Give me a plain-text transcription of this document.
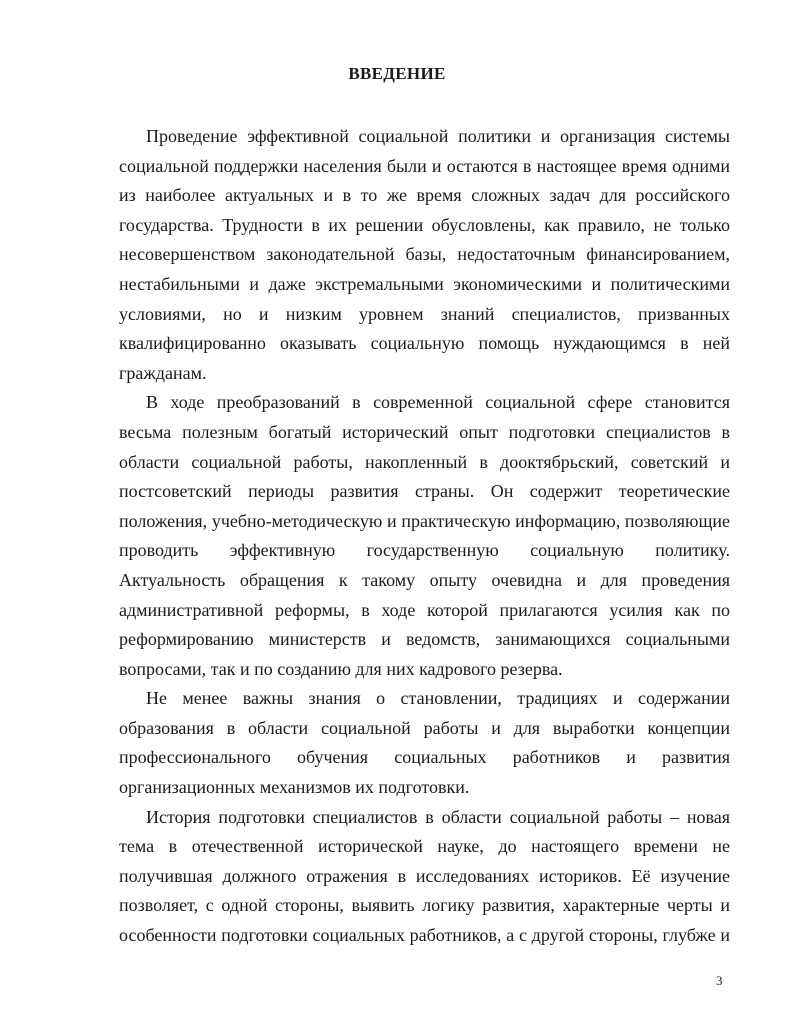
ВВЕДЕНИЕ

Проведение эффективной социальной политики и организация системы социальной поддержки населения были и остаются в настоящее время одними из наиболее актуальных и в то же время сложных задач для российского государства. Трудности в их решении обусловлены, как правило, не только несовершенством законодательной базы, недостаточным финансированием, нестабильными и даже экстремальными экономическими и политическими условиями, но и низким уровнем знаний специалистов, призванных квалифицированно оказывать социальную помощь нуждающимся в ней гражданам.

В ходе преобразований в современной социальной сфере становится весьма полезным богатый исторический опыт подготовки специалистов в области социальной работы, накопленный в дооктябрьский, советский и постсоветский периоды развития страны. Он содержит теоретические положения, учебно-методическую и практическую информацию, позволяющие проводить эффективную государственную социальную политику. Актуальность обращения к такому опыту очевидна и для проведения административной реформы, в ходе которой прилагаются усилия как по реформированию министерств и ведомств, занимающихся социальными вопросами, так и по созданию для них кадрового резерва.

Не менее важны знания о становлении, традициях и содержании образования в области социальной работы и для выработки концепции профессионального обучения социальных работников и развития организационных механизмов их подготовки.

История подготовки специалистов в области социальной работы – новая тема в отечественной исторической науке, до настоящего времени не получившая должного отражения в исследованиях историков. Её изучение позволяет, с одной стороны, выявить логику развития, характерные черты и особенности подготовки социальных работников, а с другой стороны, глубже и

3
